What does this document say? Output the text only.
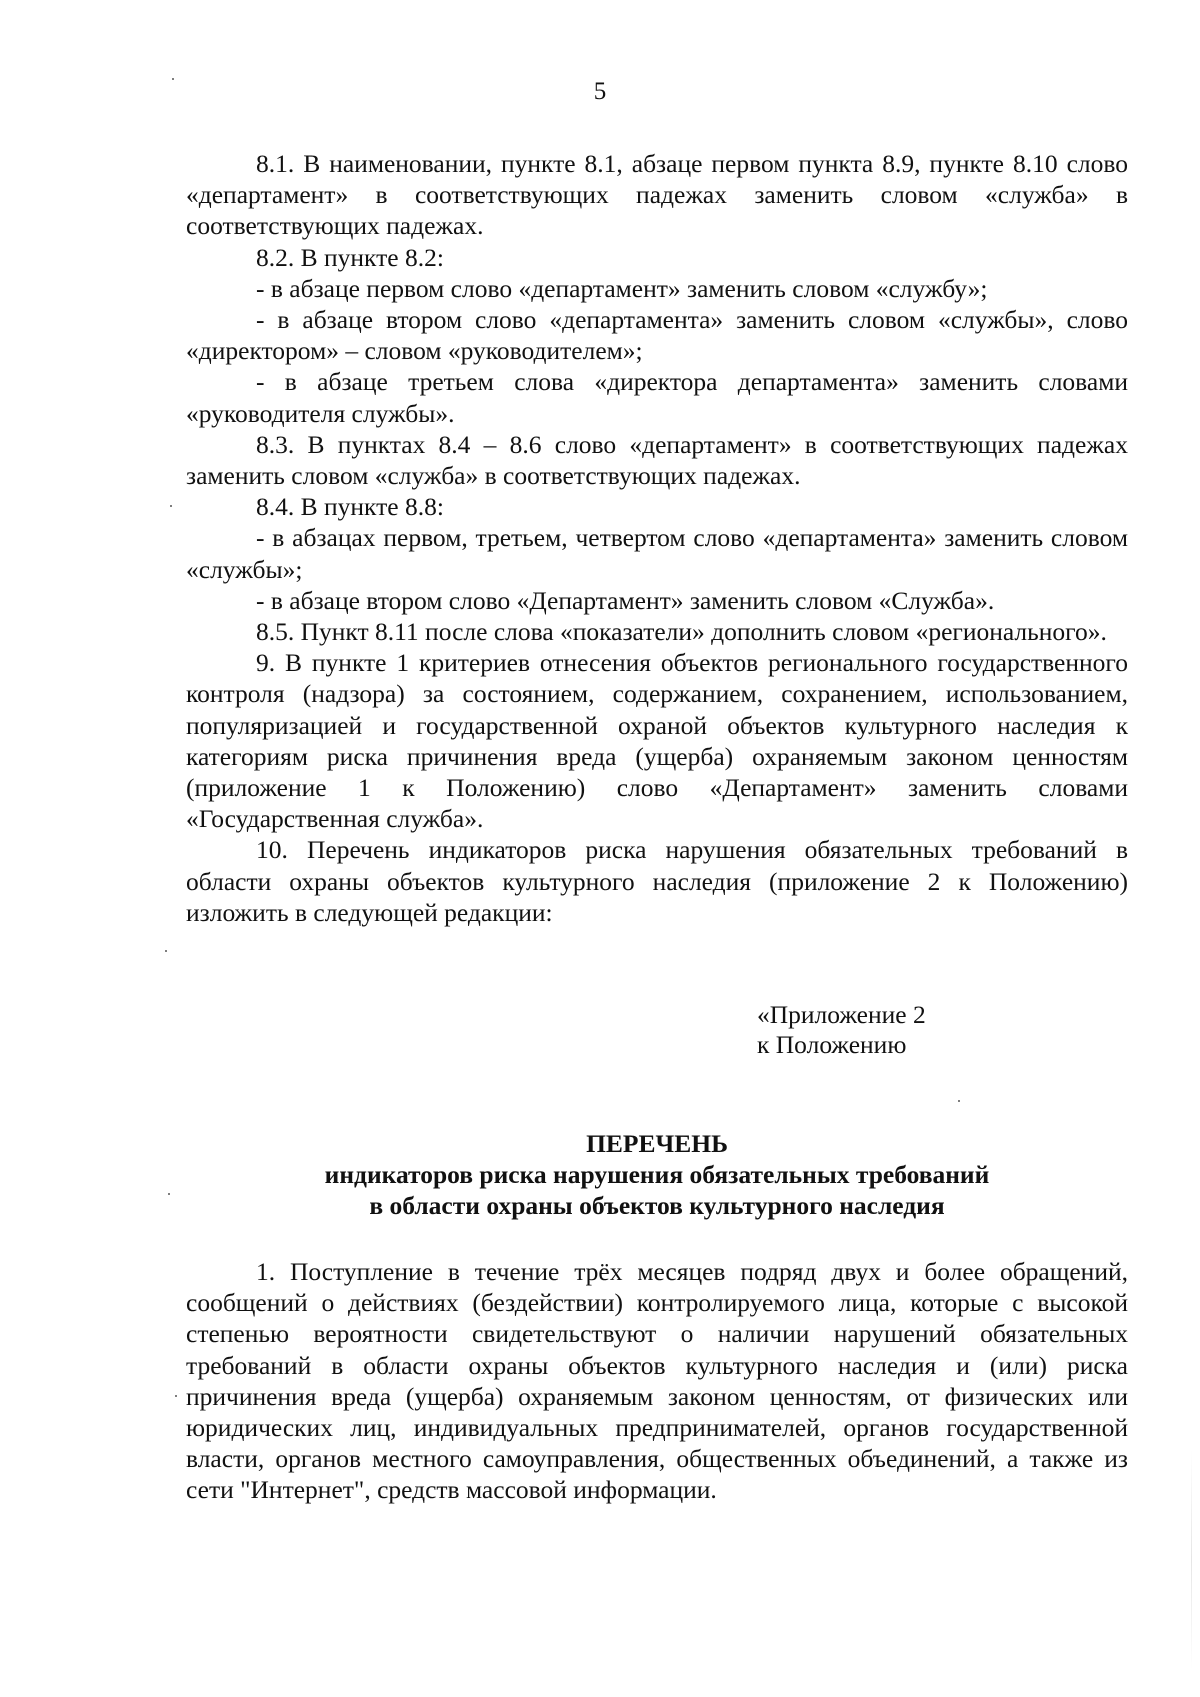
5

8.1. В наименовании, пункте 8.1, абзаце первом пункта 8.9, пункте 8.10 слово «департамент» в соответствующих падежах заменить словом «служба» в соответствующих падежах.

8.2. В пункте 8.2:

- в абзаце первом слово «департамент» заменить словом «службу»;

- в абзаце втором слово «департамента» заменить словом «службы», слово «директором» – словом «руководителем»;

- в абзаце третьем слова «директора департамента» заменить словами «руководителя службы».

8.3. В пунктах 8.4 – 8.6 слово «департамент» в соответствующих падежах заменить словом «служба» в соответствующих падежах.

8.4. В пункте 8.8:

- в абзацах первом, третьем, четвертом слово «департамента» заменить словом «службы»;

- в абзаце втором слово «Департамент» заменить словом «Служба».

8.5. Пункт 8.11 после слова «показатели» дополнить словом «регионального».

9. В пункте 1 критериев отнесения объектов регионального государственного контроля (надзора) за состоянием, содержанием, сохранением, использованием, популяризацией и государственной охраной объектов культурного наследия к категориям риска причинения вреда (ущерба) охраняемым законом ценностям (приложение 1 к Положению) слово «Департамент» заменить словами «Государственная служба».

10. Перечень индикаторов риска нарушения обязательных требований в области охраны объектов культурного наследия (приложение 2 к Положению) изложить в следующей редакции:

«Приложение 2
к Положению
ПЕРЕЧЕНЬ
индикаторов риска нарушения обязательных требований
в области охраны объектов культурного наследия

1. Поступление в течение трёх месяцев подряд двух и более обращений, сообщений о действиях (бездействии) контролируемого лица, которые с высокой степенью вероятности свидетельствуют о наличии нарушений обязательных требований в области охраны объектов культурного наследия и (или) риска причинения вреда (ущерба) охраняемым законом ценностям, от физических или юридических лиц, индивидуальных предпринимателей, органов государственной власти, органов местного самоуправления, общественных объединений, а также из сети "Интернет", средств массовой информации.
